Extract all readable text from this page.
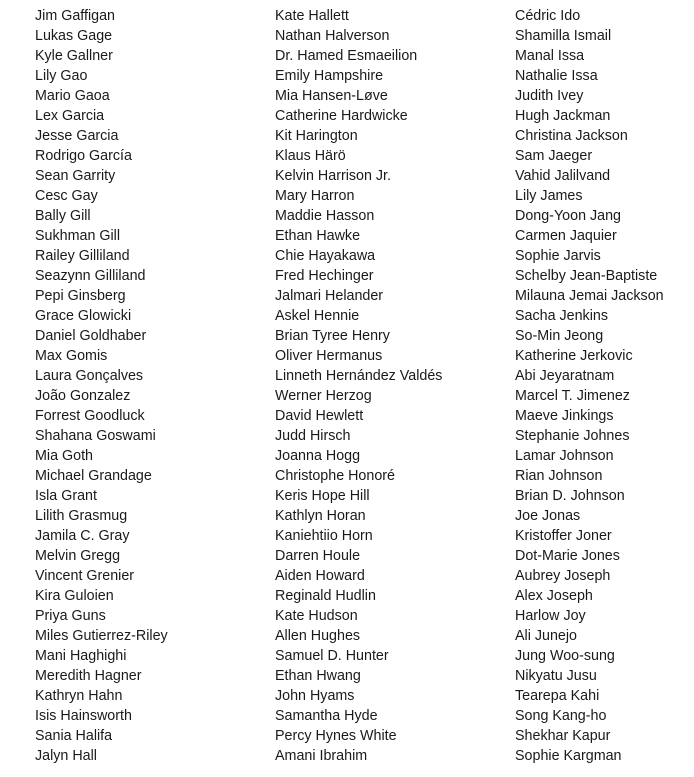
Jim Gaffigan
Lukas Gage
Kyle Gallner
Lily Gao
Mario Gaoa
Lex Garcia
Jesse Garcia
Rodrigo García
Sean Garrity
Cesc Gay
Bally Gill
Sukhman Gill
Railey Gilliland
Seazynn Gilliland
Pepi Ginsberg
Grace Glowicki
Daniel Goldhaber
Max Gomis
Laura Gonçalves
João Gonzalez
Forrest Goodluck
Shahana Goswami
Mia Goth
Michael Grandage
Isla Grant
Lilith Grasmug
Jamila C. Gray
Melvin Gregg
Vincent Grenier
Kira Guloien
Priya Guns
Miles Gutierrez-Riley
Mani Haghighi
Meredith Hagner
Kathryn Hahn
Isis Hainsworth
Sania Halifa
Jalyn Hall
Kate Hallett
Nathan Halverson
Dr. Hamed Esmaeilion
Emily Hampshire
Mia Hansen-Løve
Catherine Hardwicke
Kit Harington
Klaus Härö
Kelvin Harrison Jr.
Mary Harron
Maddie Hasson
Ethan Hawke
Chie Hayakawa
Fred Hechinger
Jalmari Helander
Askel Hennie
Brian Tyree Henry
Oliver Hermanus
Linneth Hernández Valdés
Werner Herzog
David Hewlett
Judd Hirsch
Joanna Hogg
Christophe Honoré
Keris Hope Hill
Kathlyn Horan
Kaniehtiio Horn
Darren Houle
Aiden Howard
Reginald Hudlin
Kate Hudson
Allen Hughes
Samuel D. Hunter
Ethan Hwang
John Hyams
Samantha Hyde
Percy Hynes White
Amani Ibrahim
Cédric Ido
Shamilla Ismail
Manal Issa
Nathalie Issa
Judith Ivey
Hugh Jackman
Christina Jackson
Sam Jaeger
Vahid Jalilvand
Lily James
Dong-Yoon Jang
Carmen Jaquier
Sophie Jarvis
Schelby Jean-Baptiste
Milauna Jemai Jackson
Sacha Jenkins
So-Min Jeong
Katherine Jerkovic
Abi Jeyaratnam
Marcel T. Jimenez
Maeve Jinkings
Stephanie Johnes
Lamar Johnson
Rian Johnson
Brian D. Johnson
Joe Jonas
Kristoffer Joner
Dot-Marie Jones
Aubrey Joseph
Alex Joseph
Harlow Joy
Ali Junejo
Jung Woo-sung
Nikyatu Jusu
Tearepa Kahi
Song Kang-ho
Shekhar Kapur
Sophie Kargman
